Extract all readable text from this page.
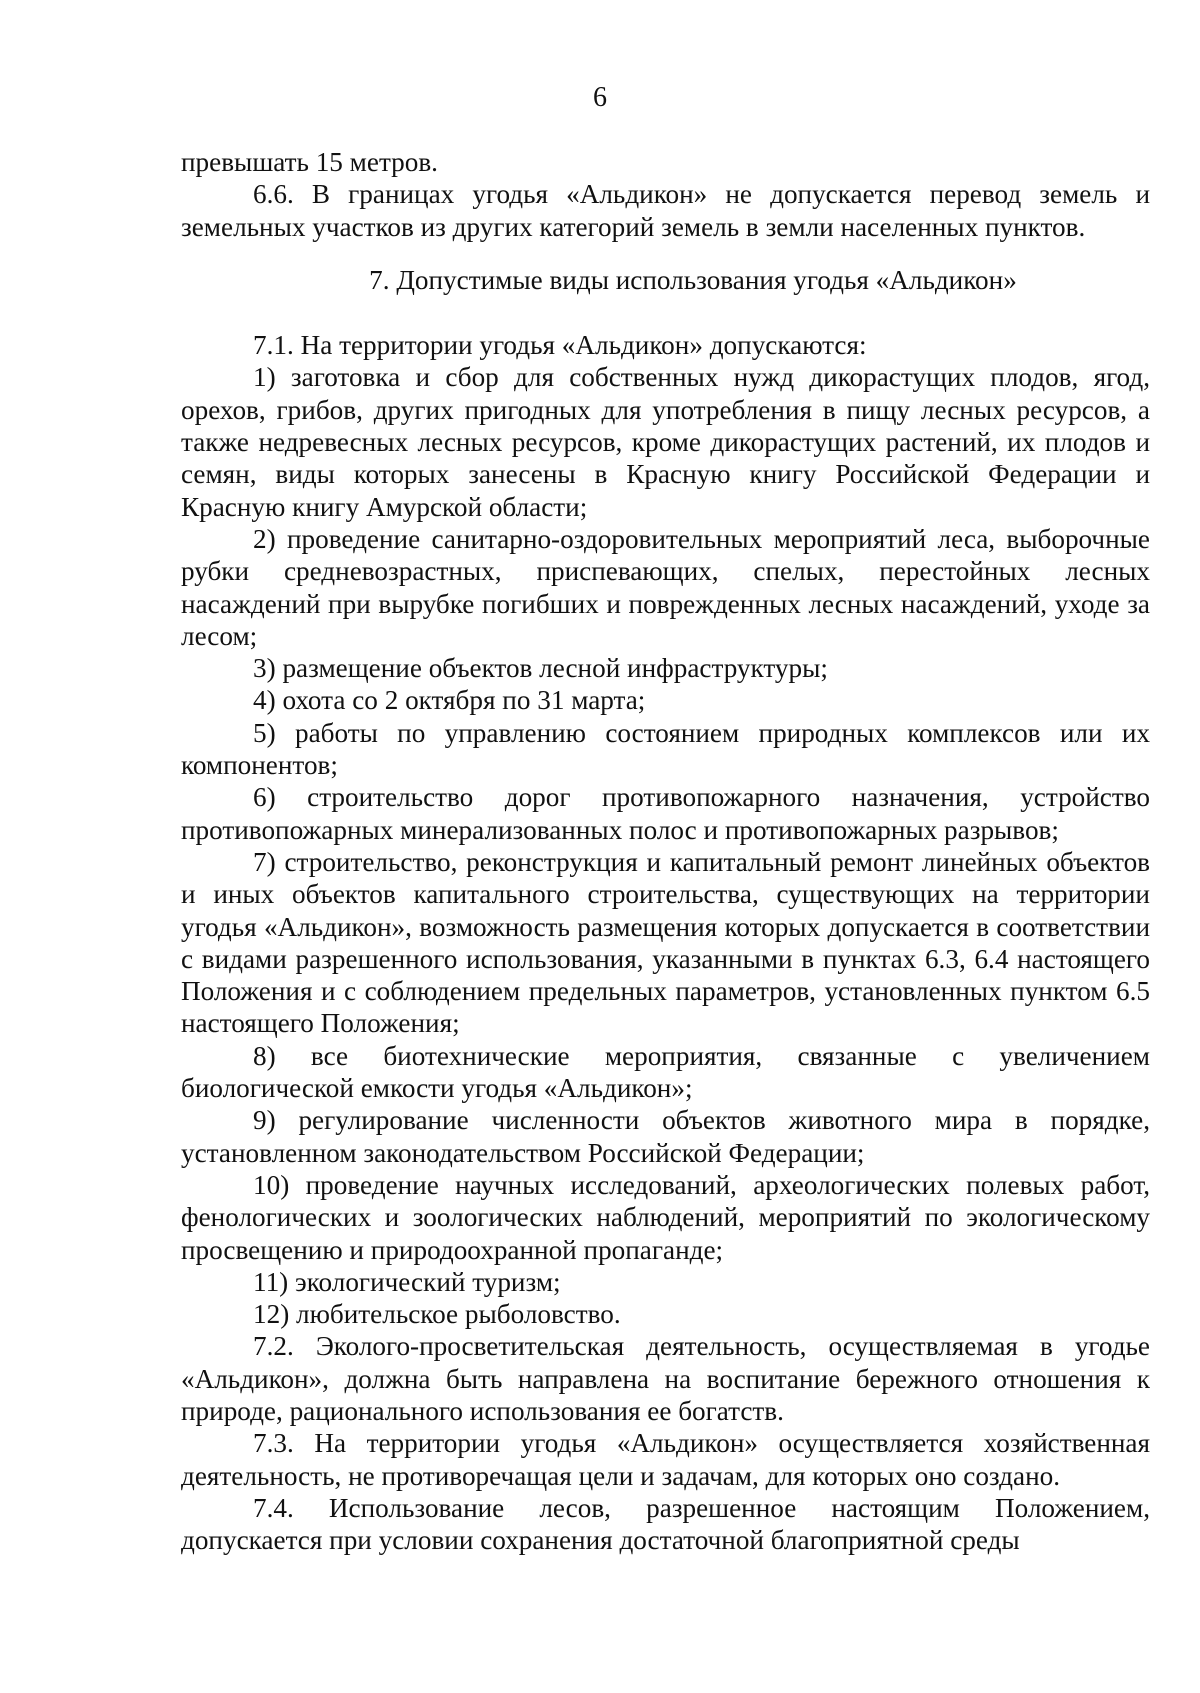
6

превышать 15 метров.

6.6. В границах угодья «Альдикон» не допускается перевод земель и земельных участков из других категорий земель в земли населенных пунктов.

7. Допустимые виды использования угодья «Альдикон»

7.1. На территории угодья «Альдикон» допускаются:

1) заготовка и сбор для собственных нужд дикорастущих плодов, ягод, орехов, грибов, других пригодных для употребления в пищу лесных ресурсов, а также недревесных лесных ресурсов, кроме дикорастущих растений, их плодов и семян, виды которых занесены в Красную книгу Российской Федерации и Красную книгу Амурской области;

2) проведение санитарно-оздоровительных мероприятий леса, выборочные рубки средневозрастных, приспевающих, спелых, перестойных лесных насаждений при вырубке погибших и поврежденных лесных насаждений, уходе за лесом;

3) размещение объектов лесной инфраструктуры;

4) охота со 2 октября по 31 марта;

5) работы по управлению состоянием природных комплексов или их компонентов;

6) строительство дорог противопожарного назначения, устройство противопожарных минерализованных полос и противопожарных разрывов;

7) строительство, реконструкция и капитальный ремонт линейных объектов и иных объектов капитального строительства, существующих на территории угодья «Альдикон», возможность размещения которых допускается в соответствии с видами разрешенного использования, указанными в пунктах 6.3, 6.4 настоящего Положения и с соблюдением предельных параметров, установленных пунктом 6.5 настоящего Положения;

8) все биотехнические мероприятия, связанные с увеличением биологической емкости угодья «Альдикон»;

9) регулирование численности объектов животного мира в порядке, установленном законодательством Российской Федерации;

10) проведение научных исследований, археологических полевых работ, фенологических и зоологических наблюдений, мероприятий по экологическому просвещению и природоохранной пропаганде;

11) экологический туризм;

12) любительское рыболовство.

7.2. Эколого-просветительская деятельность, осуществляемая в угодье «Альдикон», должна быть направлена на воспитание бережного отношения к природе, рационального использования ее богатств.

7.3. На территории угодья «Альдикон» осуществляется хозяйственная деятельность, не противоречащая цели и задачам, для которых оно создано.

7.4. Использование лесов, разрешенное настоящим Положением, допускается при условии сохранения достаточной благоприятной среды
